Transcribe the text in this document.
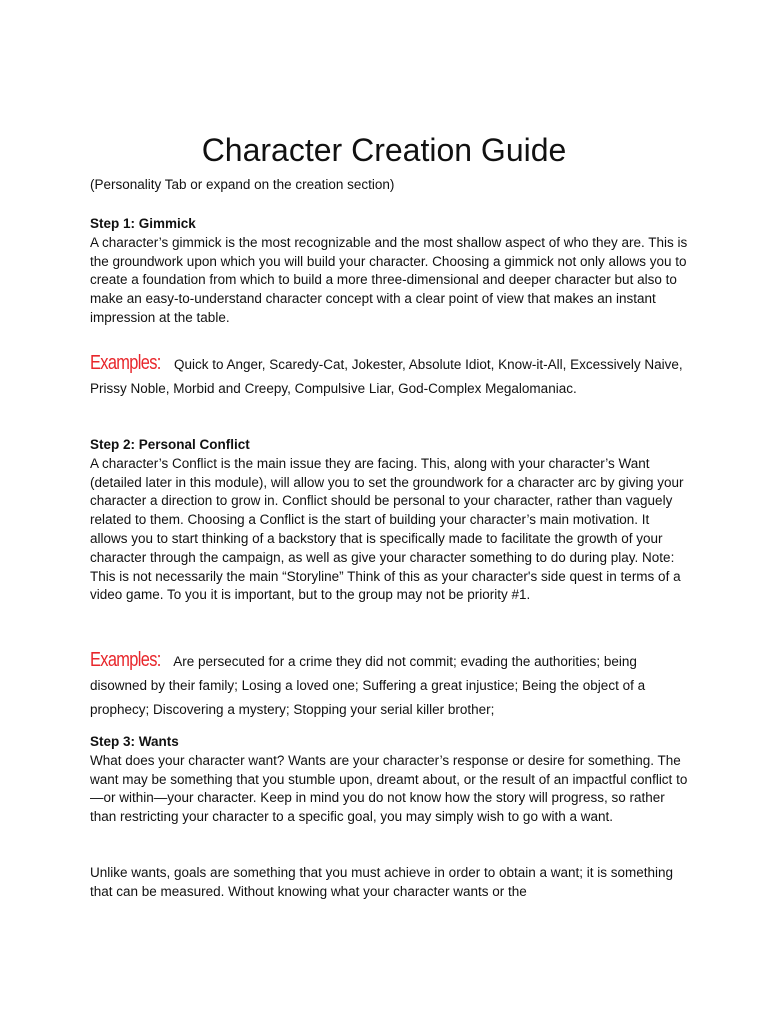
Character Creation Guide

(Personality Tab or expand on the creation section)

Step 1: Gimmick
A character’s gimmick is the most recognizable and the most shallow aspect of who they are. This is the groundwork upon which you will build your character. Choosing a gimmick not only allows you to create a foundation from which to build a more three-dimensional and deeper character but also to make an easy-to-understand character concept with a clear point of view that makes an instant impression at the table.
Examples: Quick to Anger, Scaredy-Cat, Jokester, Absolute Idiot, Know-it-All, Excessively Naive, Prissy Noble, Morbid and Creepy, Compulsive Liar, God-Complex Megalomaniac.
Step 2: Personal Conflict
A character’s Conflict is the main issue they are facing. This, along with your character’s Want (detailed later in this module), will allow you to set the groundwork for a character arc by giving your character a direction to grow in. Conflict should be personal to your character, rather than vaguely related to them. Choosing a Conflict is the start of building your character’s main motivation. It allows you to start thinking of a backstory that is specifically made to facilitate the growth of your character through the campaign, as well as give your character something to do during play. Note: This is not necessarily the main “Storyline” Think of this as your character's side quest in terms of a video game. To you it is important, but to the group may not be priority #1.
Examples: Are persecuted for a crime they did not commit; evading the authorities; being disowned by their family; Losing a loved one; Suffering a great injustice; Being the object of a prophecy; Discovering a mystery; Stopping your serial killer brother;
Step 3: Wants
What does your character want? Wants are your character’s response or desire for something. The want may be something that you stumble upon, dreamt about, or the result of an impactful conflict to—or within—your character. Keep in mind you do not know how the story will progress, so rather than restricting your character to a specific goal, you may simply wish to go with a want.

Unlike wants, goals are something that you must achieve in order to obtain a want; it is something that can be measured. Without knowing what your character wants or the
